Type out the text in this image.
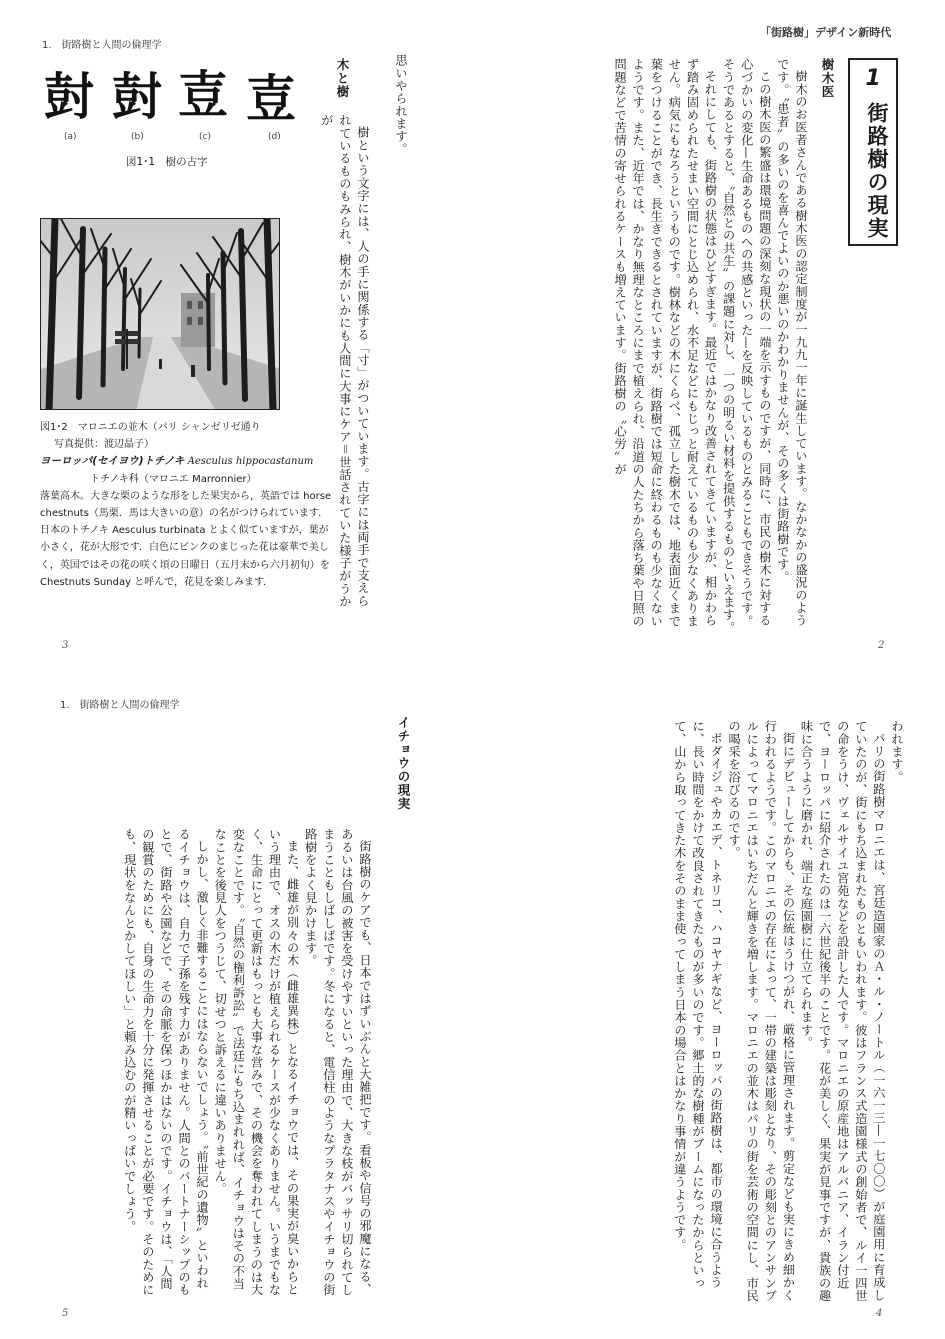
1.　街路樹と人間の倫理学
尌 尌 壴 壴
(a)	(b)	(c)	(d)
図1･1　樹の古字
図1･2　マロニエの並木（パリ シャンゼリゼ通り
写真提供：渡辺晶子）
ヨーロッパ(セイヨウ)トチノキ Aesculus hippocastanum
トチノキ科（マロニエ Marronnier）
落葉高木。大きな栗のような形をした果実から，英語では horse chestnuts（馬栗．馬は大きいの意）の名がつけられています．日本のトチノキ Aesculus turbinata とよく似ていますが，葉が小さく，花が大形です．白色にピンクのまじった花は豪華で美しく，英国ではその花の咲く頃の日曜日（五月末から六月初旬）を Chestnuts Sunday と呼んで，花見を楽しみます．

思いやられます。

木と樹

樹という文字には、人の手に関係する「寸」がついています。古字には両手で支えられているものもみられ、樹木がいかにも人間に大事にケア＝世話されていた様子がうかが

3
「街路樹」デザイン新時代
1
街路樹の現実
樹木医

樹木のお医者さんである樹木医の認定制度が一九九一年に誕生しています。なかなかの盛況のようです。〝患者〟の多いのを喜んでよいのか悪いのかわかりませんが、その多くは街路樹です。

この樹木医の繁盛は環境問題の深刻な現状の一端を示すものですが、同時に、市民の樹木に対する心づかいの変化—生命あるものへの共感といった—を反映しているものとみることもできそうです。そうであるとすると、〝自然との共生〟の課題に対し、一つの明るい材料を提供するものといえます。

それにしても、街路樹の状態はひどすぎます。最近ではかなり改善されてきていますが、相かわらず踏み固められたせまい空間にとじ込められ、水不足などにもじっと耐えているものも少なくありません。病気にもなろうというものです。樹林などの木にくらべ、孤立した樹木では、地表面近くまで葉をつけることができ、長生きできるとされていますが、街路樹では短命に終わるものも少なくないようです。また、近年では、かなり無理なところにまで植えられ、沿道の人たちから落ち葉や日照の問題などで苦情の寄せられるケースも増えています。街路樹の〝心労〟が

2
1.　街路樹と人間の倫理学
イチョウの現実

街路樹のケアでも、日本ではずいぶんと大雑把です。看板や信号の邪魔になる、あるいは台風の被害を受けやすいといった理由で、大きな枝がバッサリ切られてしまうこともしばしばです。冬になると、電信柱のようなプラタナスやイチョウの街路樹をよく見かけます。

また、雌雄が別々の木（雌雄異株）となるイチョウでは、その果実が臭いからという理由で、オスの木だけが植えられるケースが少なくありません。いうまでもなく、生命にとって更新はもっとも大事な営みで、その機会を奪われてしまうのは大変なことです。〝自然の権利訴訟〟で法廷にもち込まれれば、イチョウはその不当なことを後見人をつうじて、切せつと訴えるに違いありません。

しかし、激しく非難することにはならないでしょう。〝前世紀の遺物〟といわれるイチョウは、自力で子孫を残す力がありません。人間とのパートナーシップのもとで、街路や公園などで、その命脈を保つほかはないのです。イチョウは、「人間の観賞のためにも、自身の生命力を十分に発揮させることが必要です。そのためにも、現状をなんとかしてほしい」と頼み込むのが精いっぱいでしょう。

5

われます。

パリの街路樹マロニエは、宮廷造園家のＡ・ル・ノートル（一六一三—一七〇〇）が庭園用に育成していたのが、街にもち込まれたものともいわれます。彼はフランス式造園様式の創始者で、ルイ一四世の命をうけ、ヴェルサイユ宮苑などを設計した人です。マロニエの原産地はアルバニア、イラン付近で、ヨーロッパに紹介されたのは一六世紀後半のことです。花が美しく、果実が見事ですが、貴族の趣味に合うように磨かれ、端正な庭園樹に仕立てられます。

街にデビューしてからも、その伝統はうけつがれ、厳格に管理されます。剪定なども実にきめ細かく行われるようです。このマロニエの存在によって、一帯の建築は彫刻となり、その彫刻とのアンサンブルによってマロニエはいちだんと輝きを増します。マロニエの並木はパリの街を芸術の空間にし、市民の喝采を浴びるのです。

ボダイジュやカエデ、トネリコ、ハコヤナギなど、ヨーロッパの街路樹は、都市の環境に合うように、長い時間をかけて改良されてきたものが多いのです。郷土的な樹種がブームになったからといって、山から取ってきた木をそのまま使ってしまう日本の場合とはかなり事情が違うようです。

4
